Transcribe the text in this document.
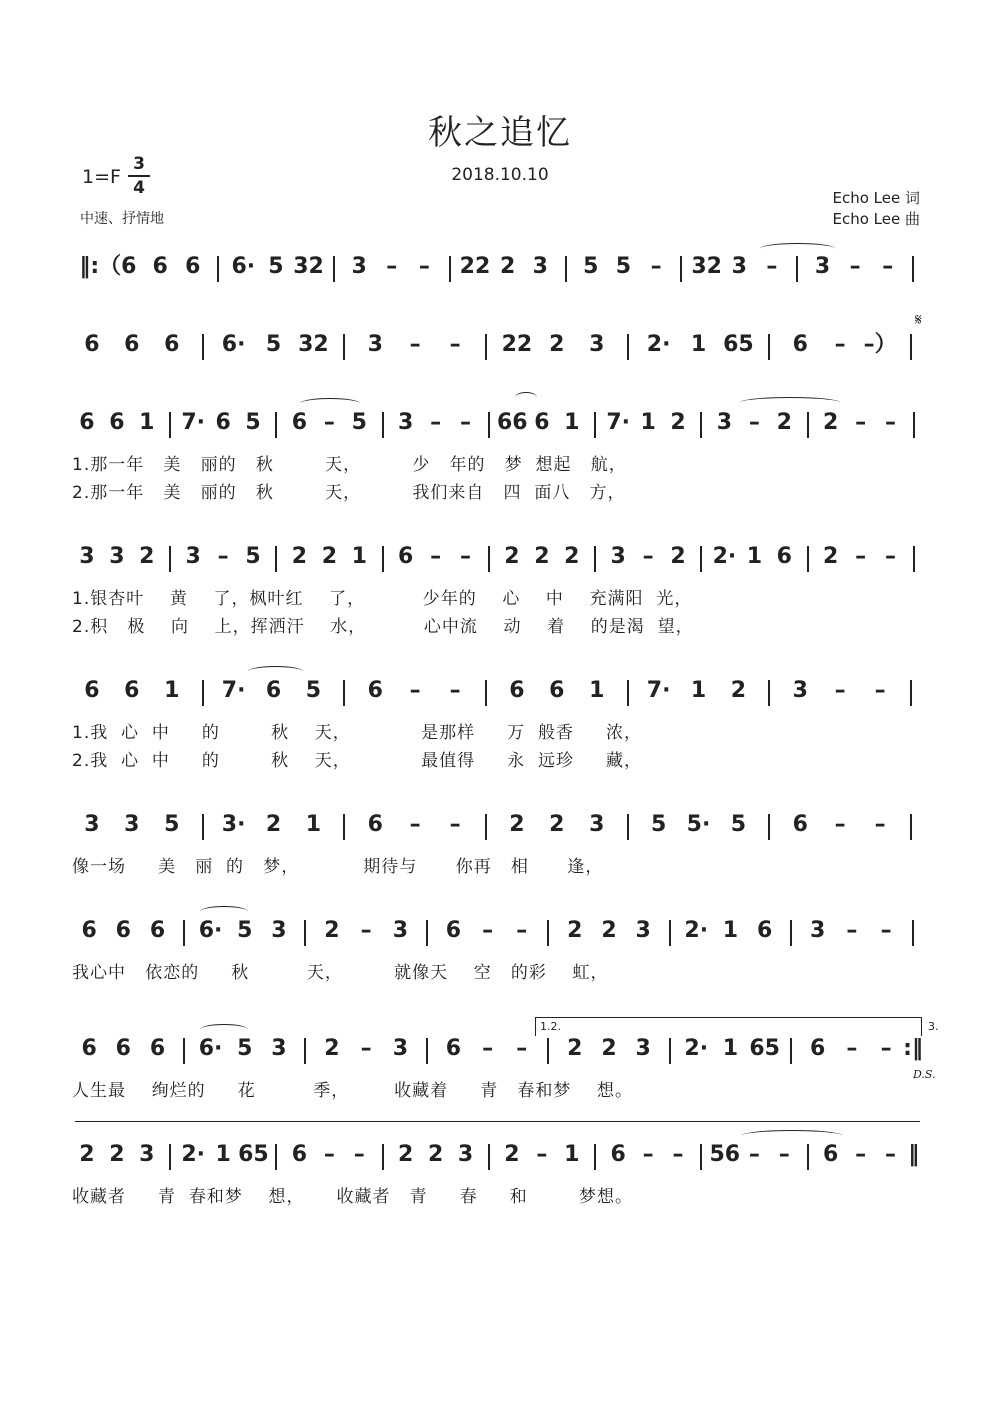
秋之追忆
2018.10.10
1=F
3
4
中速、抒情地
Echo Lee 词
Echo Lee 曲
𝄋
1.2.	3.
D.S.
‖:（6 6 6	6· 5 32	3 – –	22 2 3	5 5 –	32 3 –	3 – –
6	6	6	6· 5 32	3	–	–	22 2	3	2· 1 65	6	– –）
6 6 1	7· 6 5	6 – 5	3 – –	66 6 1	7· 1 2	3 – 2	2 – –
3 3 2	3 – 5	2 2 1	6 – –	2 2 2	3 – 2	2· 1 6	2 – –
6	6	1	7· 6	5	6	–	–	6	6	1	7· 1	2	3	–	–
3	3	5	3· 2	1	6	–	–	2	2	3	5 5· 5	6	–	–
6 6 6	6· 5 3	2 – 3	6 –	–	2 2 3	2· 1 6	3 –	–
6 6 6	6· 5 3	2 – 3	6 –	–	2 2 3	2· 1 65	6 –	– :‖
2 2 3	2· 1 65	6 – –	2 2 3	2 – 1	6 – –	56 – –	6 – – ‖
1.那一年   美   丽的   秋        天，        少   年的   梦  想起   航，
2.那一年   美   丽的   秋        天，        我们来自   四  面八   方，
1.银杏叶    黄    了，枫叶红    了，         少年的    心    中    充满阳  光，
2.积   极    向    上，挥洒汗    水，         心中流    动    着    的是渴  望，
1.我  心  中     的        秋    天，           是那样     万  般香     浓，
2.我  心  中     的        秋    天，           最值得     永  远珍     藏，
像一场     美   丽  的   梦，          期待与      你再   相      逢，
我心中   依恋的     秋         天，        就像天    空   的彩    虹，
人生最    绚烂的     花         季，       收藏着     青   春和梦    想。
收藏者     青  春和梦    想，     收藏者   青     春     和        梦想。
